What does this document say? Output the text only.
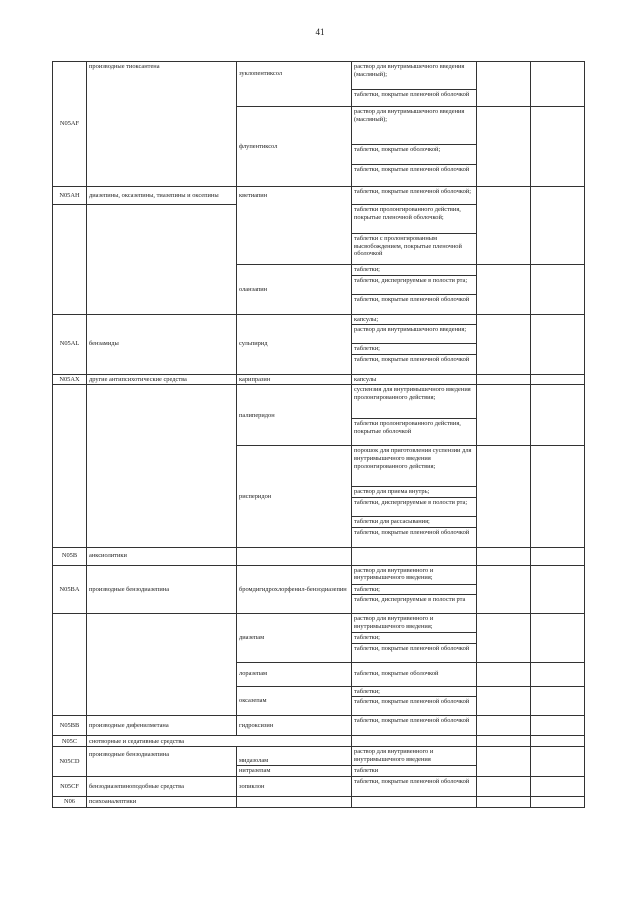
41
N05AF	производные тиоксантена	зуклопентиксол	раствор для внутримышечного введения (масляный);		
			таблетки, покрытые пленочной оболочкой		
		флупентиксол	раствор для внутримышечного введения (масляный);		
			таблетки, покрытые оболочкой;		
			таблетки, покрытые пленочной оболочкой		
N05AH	диазепины, оксазепины, тиазепины и оксепины	кветиапин	таблетки, покрытые пленочной оболочкой;		
			таблетки пролонгированного действия, покрытые пленочной оболочкой;		
			таблетки с пролонгированным высвобождением, покрытые пленочной оболочкой		
		оланзапин	таблетки;		
			таблетки, диспергируемые в полости рта;		
			таблетки, покрытые пленочной оболочкой		
N05AL	бензамиды	сульпирид	капсулы;		
			раствор для внутримышечного введения;		
			таблетки;		
			таблетки, покрытые пленочной оболочкой		
N05AX	другие антипсихотические средства	карипразин	капсулы		
		палиперидон	суспензия для внутримышечного введения пролонгированного действия;		
			таблетки пролонгированного действия, покрытые оболочкой		
		рисперидон	порошок для приготовления суспензии для внутримышечного введения пролонгированного действия;		
			раствор для приема внутрь;		
			таблетки, диспергируемые в полости рта;		
			таблетки для рассасывания;		
			таблетки, покрытые пленочной оболочкой		
N05B	анксиолитики				
N05BA	производные бензодиазепина	бромдигидрохлорфенил-бензодиазепин	раствор для внутривенного и внутримышечного введения;		
			таблетки;		
			таблетки, диспергируемые в полости рта		
		диазепам	раствор для внутривенного и внутримышечного введения;		
			таблетки;		
			таблетки, покрытые пленочной оболочкой		
		лоразепам	таблетки, покрытые оболочкой		
		оксазепам	таблетки;		
			таблетки, покрытые пленочной оболочкой		
N05BB	производные дифенилметана	гидроксизин	таблетки, покрытые пленочной оболочкой		
N05C	снотворные и седативные средства				
N05CD	производные бензодиазепина	мидазолам	раствор для внутривенного и внутримышечного введения		
		нитразепам	таблетки		
N05CF	бензодиазепиноподобные средства	зопиклон	таблетки, покрытые пленочной оболочкой		
N06	психоаналептики				
